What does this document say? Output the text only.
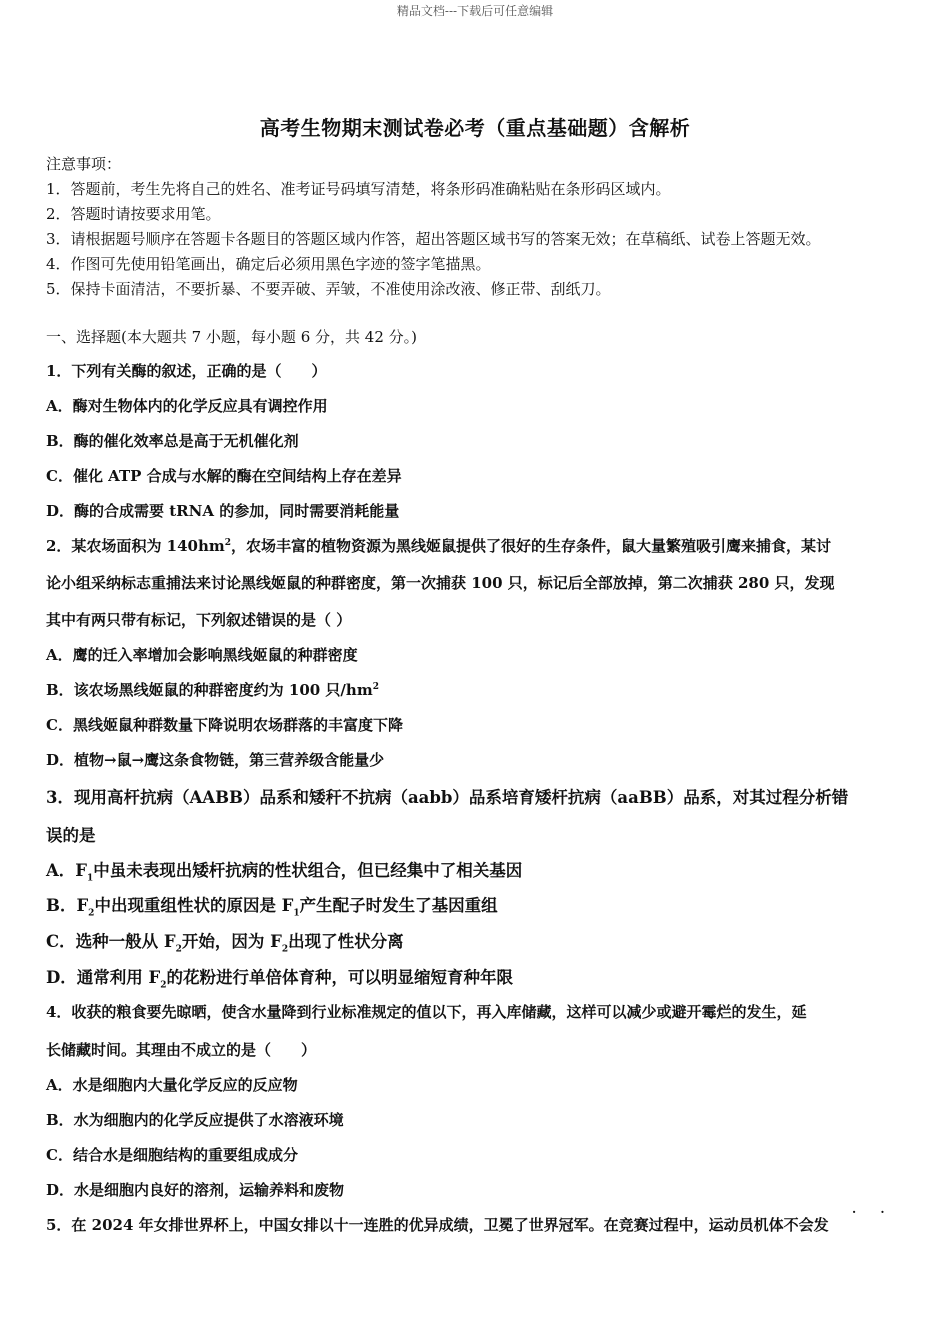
精品文档---下载后可任意编辑
高考生物期末测试卷必考（重点基础题）含解析
注意事项：
1．答题前，考生先将自己的姓名、准考证号码填写清楚，将条形码准确粘贴在条形码区域内。
2．答题时请按要求用笔。
3．请根据题号顺序在答题卡各题目的答题区域内作答，超出答题区域书写的答案无效；在草稿纸、试卷上答题无效。
4．作图可先使用铅笔画出，确定后必须用黑色字迹的签字笔描黑。
5．保持卡面清洁，不要折暴、不要弄破、弄皱，不准使用涂改液、修正带、刮纸刀。
一、选择题(本大题共 7 小题，每小题 6 分，共 42 分。)
1．下列有关酶的叙述，正确的是（　　）
A．酶对生物体内的化学反应具有调控作用
B．酶的催化效率总是高于无机催化剂
C．催化 ATP 合成与水解的酶在空间结构上存在差异
D．酶的合成需要 tRNA 的参加，同时需要消耗能量
2．某农场面积为 $140hm^2$，农场丰富的植物资源为黑线姬鼠提供了很好的生存条件，鼠大量繁殖吸引鹰来捕食，某讨
论小组采纳标志重捕法来讨论黑线姬鼠的种群密度，第一次捕获 100 只，标记后全部放掉，第二次捕获 280 只，发现
其中有两只带有标记，下列叙述错误的是（ ）
A．鹰的迁入率增加会影响黑线姬鼠的种群密度
B．该农场黑线姬鼠的种群密度约为 100 只$/hm^2$
C．黑线姬鼠种群数量下降说明农场群落的丰富度下降
D．植物→鼠→鹰这条食物链，第三营养级含能量少
3．现用高杆抗病（AABB）品系和矮秆不抗病（aabb）品系培育矮杆抗病（aaBB）品系，对其过程分析错
误的是
A．$F_1$中虽未表现出矮杆抗病的性状组合，但已经集中了相关基因
B．$F_2$中出现重组性状的原因是 $F_1$产生配子时发生了基因重组
C．选种一般从 $F_2$开始，因为 $F_2$出现了性状分离
D．通常利用 $F_2$的花粉进行单倍体育种，可以明显缩短育种年限
4．收获的粮食要先晾晒，使含水量降到行业标准规定的值以下，再入库储藏，这样可以减少或避开霉烂的发生，延
长储藏时间。其理由不成立的是（　　）
A．水是细胞内大量化学反应的反应物
B．水为细胞内的化学反应提供了水溶液环境
C．结合水是细胞结构的重要组成成分
D．水是细胞内良好的溶剂，运输养料和废物
· ·
5．在 2024 年女排世界杯上，中国女排以十一连胜的优异成绩，卫冕了世界冠军。在竞赛过程中，运动员机体不会发
